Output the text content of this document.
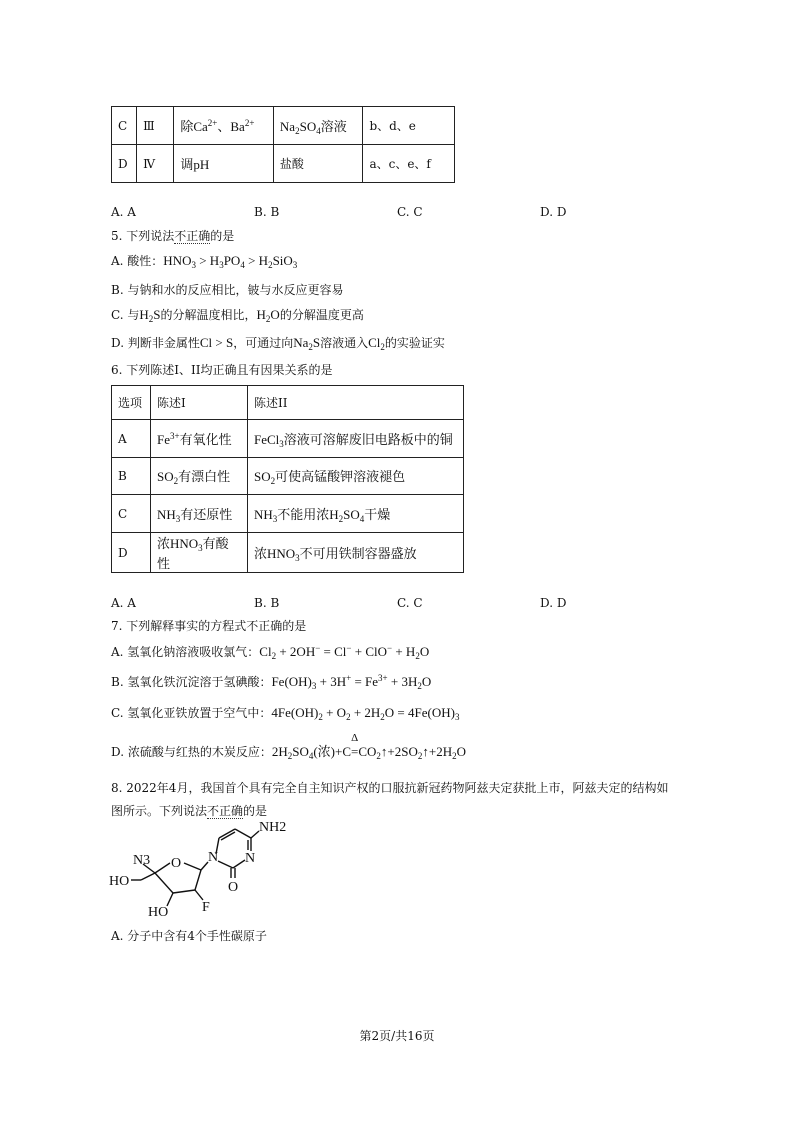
C	Ⅲ	除$Ca^{2+}$、$Ba^{2+}$	$Na_2SO_4$溶液	b、d、e
D	Ⅳ	调pH	盐酸	a、c、e、f
A. A	B. B	C. C	D. D
5. 下列说法不正确的是
A. 酸性：$HNO_3 > H_3PO_4 > H_2SiO_3$
B. 与钠和水的反应相比，铍与水反应更容易
C. 与$H_2S$的分解温度相比，$H_2O$的分解温度更高
D. 判断非金属性Cl > S，可通过向$Na_2S$溶液通入$Cl_2$的实验证实
6. 下列陈述I、II均正确且有因果关系的是
选项	陈述I	陈述II
A	$Fe^{3+}$有氧化性	FeCl$_3$溶液可溶解废旧电路板中的铜
B	$SO_2$有漂白性	$SO_2$可使高锰酸钾溶液褪色
C	$NH_3$有还原性	$NH_3$不能用浓$H_2SO_4$干燥
D	浓$HNO_3$有酸性	浓$HNO_3$不可用铁制容器盛放
A. A	B. B	C. C	D. D
7. 下列解释事实的方程式不正确的是
A. 氢氧化钠溶液吸收氯气：$Cl_2 + 2OH^- = Cl^- + ClO^- + H_2O$
B. 氢氧化铁沉淀溶于氢碘酸：$Fe(OH)_3 + 3H^+ = Fe^{3+} + 3H_2O$
C. 氢氧化亚铁放置于空气中：$4Fe(OH)_2 + O_2 + 2H_2O = 4Fe(OH)_3$
D. 浓硫酸与红热的木炭反应：$2H_2SO_4$(浓)+C
Δ
$=CO_2↑+2SO_2↑+2H_2O$
8. 2022年4月，我国首个具有完全自主知识产权的口服抗新冠药物阿兹夫定获批上市，阿兹夫定的结构如
图所示。下列说法不正确的是
NH2
N3
HO
HO
O N N
O
F
A. 分子中含有4个手性碳原子
第2页/共16页
